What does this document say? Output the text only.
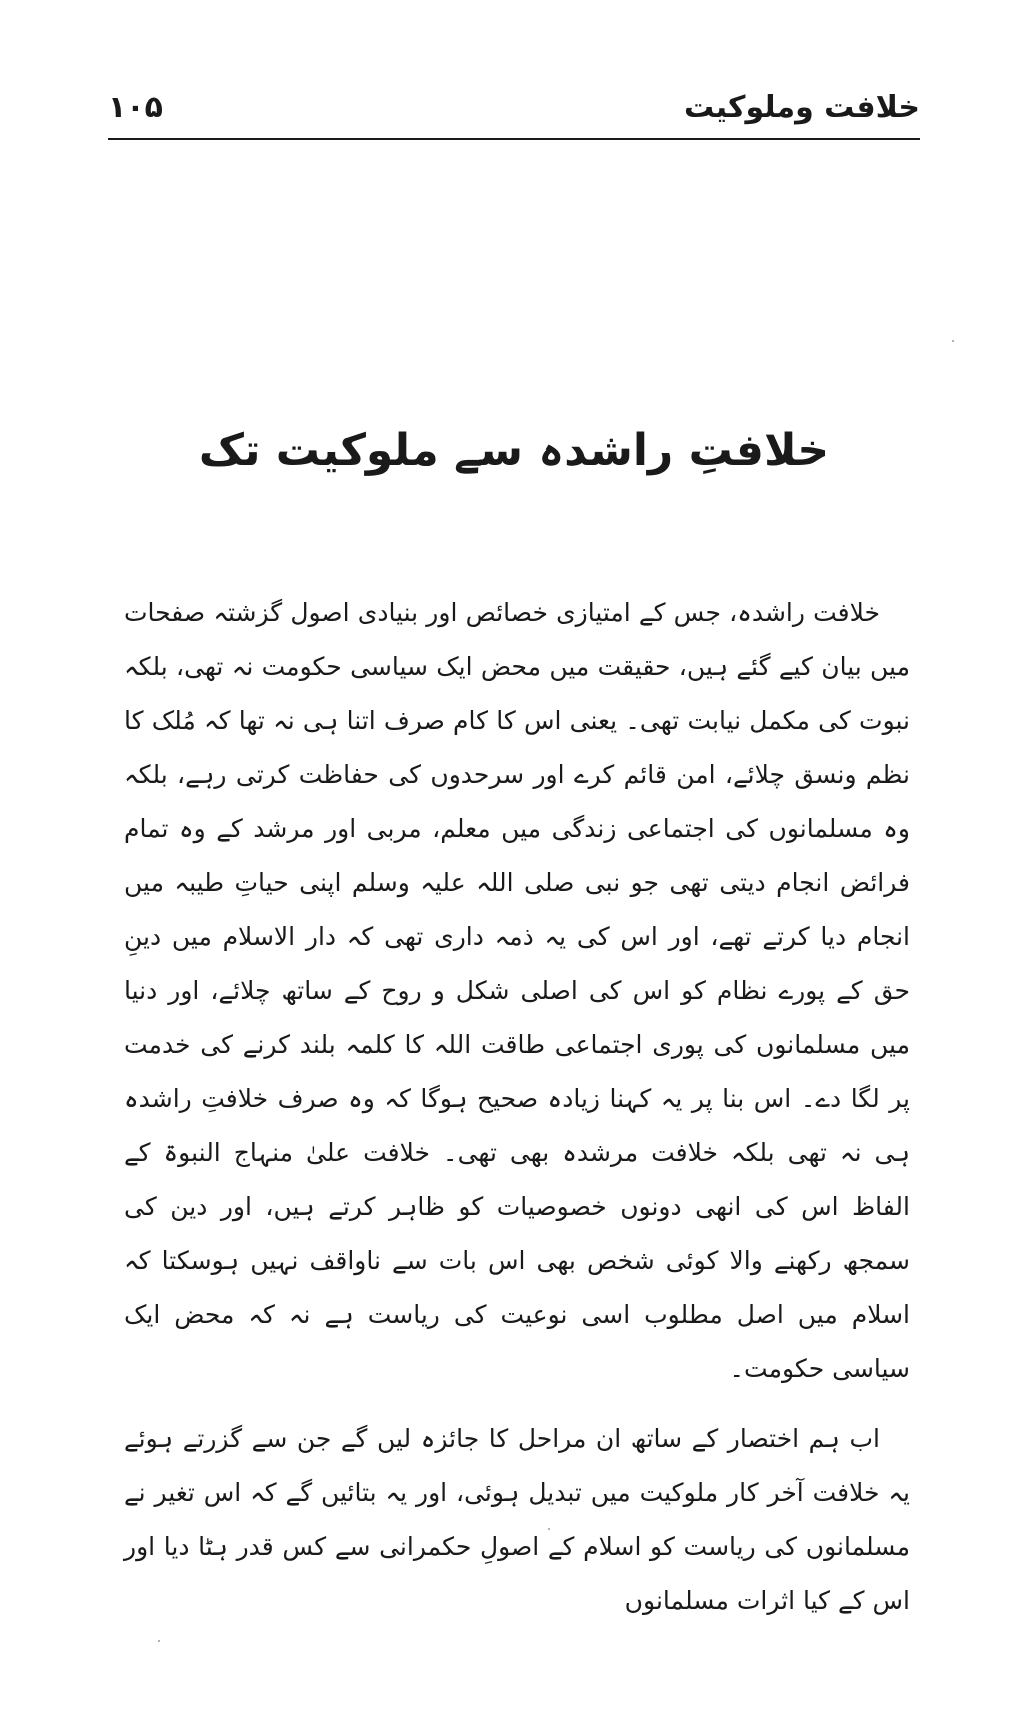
خلافت وملوکیت
۱۰۵
خلافتِ راشدہ سے ملوکیت تک

خلافت راشدہ، جس کے امتیازی خصائص اور بنیادی اصول گزشتہ صفحات میں بیان کیے گئے ہیں، حقیقت میں محض ایک سیاسی حکومت نہ تھی، بلکہ نبوت کی مکمل نیابت تھی۔ یعنی اس کا کام صرف اتنا ہی نہ تھا کہ مُلک کا نظم ونسق چلائے، امن قائم کرے اور سرحدوں کی حفاظت کرتی رہے، بلکہ وہ مسلمانوں کی اجتماعی زندگی میں معلم، مربی اور مرشد کے وہ تمام فرائض انجام دیتی تھی جو نبی صلی اللہ علیہ وسلم اپنی حیاتِ طیبہ میں انجام دیا کرتے تھے، اور اس کی یہ ذمہ داری تھی کہ دار الاسلام میں دینِ حق کے پورے نظام کو اس کی اصلی شکل و روح کے ساتھ چلائے، اور دنیا میں مسلمانوں کی پوری اجتماعی طاقت اللہ کا کلمہ بلند کرنے کی خدمت پر لگا دے۔ اس بنا پر یہ کہنا زیادہ صحیح ہوگا کہ وہ صرف خلافتِ راشدہ ہی نہ تھی بلکہ خلافت مرشدہ بھی تھی۔ خلافت علیٰ منہاج النبوۃ کے الفاظ اس کی انھی دونوں خصوصیات کو ظاہر کرتے ہیں، اور دین کی سمجھ رکھنے والا کوئی شخص بھی اس بات سے ناواقف نہیں ہوسکتا کہ اسلام میں اصل مطلوب اسی نوعیت کی ریاست ہے نہ کہ محض ایک سیاسی حکومت۔

اب ہم اختصار کے ساتھ ان مراحل کا جائزہ لیں گے جن سے گزرتے ہوئے یہ خلافت آخر کار ملوکیت میں تبدیل ہوئی، اور یہ بتائیں گے کہ اس تغیر نے مسلمانوں کی ریاست کو اسلام کے اصولِ حکمرانی سے کس قدر ہٹا دیا اور اس کے کیا اثرات مسلمانوں
